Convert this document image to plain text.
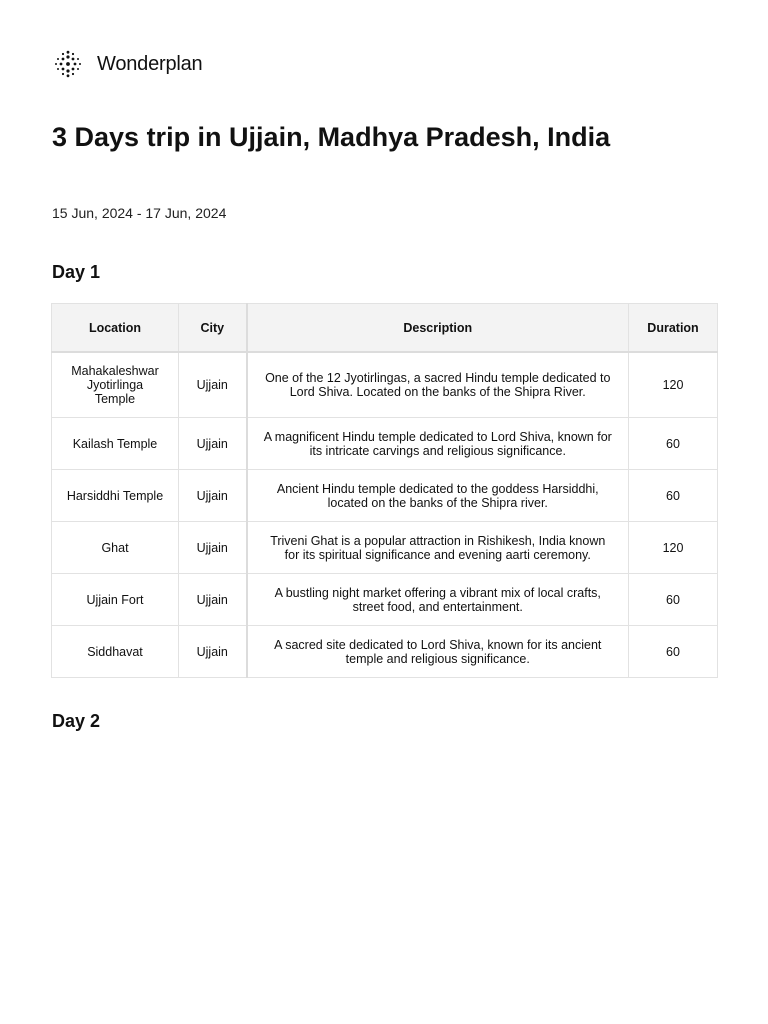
Wonderplan
3 Days trip in Ujjain, Madhya Pradesh, India
15 Jun, 2024 - 17 Jun, 2024
Day 1
Location	City	Description	Duration
Mahakaleshwar Jyotirlinga Temple	Ujjain	One of the 12 Jyotirlingas, a sacred Hindu temple dedicated to Lord Shiva. Located on the banks of the Shipra River.	120
Kailash Temple	Ujjain	A magnificent Hindu temple dedicated to Lord Shiva, known for its intricate carvings and religious significance.	60
Harsiddhi Temple	Ujjain	Ancient Hindu temple dedicated to the goddess Harsiddhi, located on the banks of the Shipra river.	60
Ghat	Ujjain	Triveni Ghat is a popular attraction in Rishikesh, India known for its spiritual significance and evening aarti ceremony.	120
Ujjain Fort	Ujjain	A bustling night market offering a vibrant mix of local crafts, street food, and entertainment.	60
Siddhavat	Ujjain	A sacred site dedicated to Lord Shiva, known for its ancient temple and religious significance.	60
Day 2
